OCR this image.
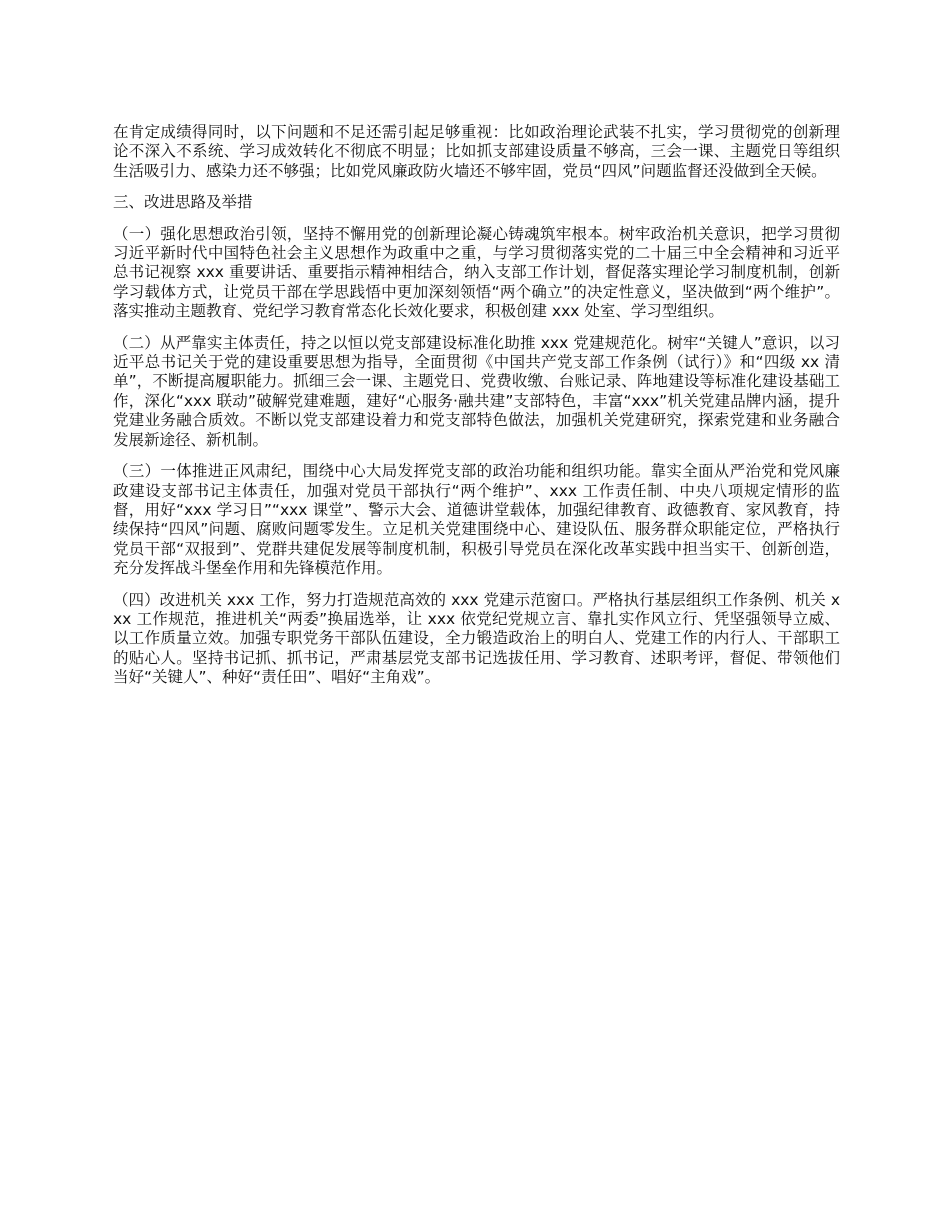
在肯定成绩得同时，以下问题和不足还需引起足够重视：比如政治理论武装不扎实，学习贯彻党的创新理论不深入不系统、学习成效转化不彻底不明显；比如抓支部建设质量不够高，三会一课、主题党日等组织生活吸引力、感染力还不够强；比如党风廉政防火墙还不够牢固，党员“四风”问题监督还没做到全天候。

三、改进思路及举措

（一）强化思想政治引领，坚持不懈用党的创新理论凝心铸魂筑牢根本。树牢政治机关意识，把学习贯彻习近平新时代中国特色社会主义思想作为政重中之重，与学习贯彻落实党的二十届三中全会精神和习近平总书记视察 xxx 重要讲话、重要指示精神相结合，纳入支部工作计划，督促落实理论学习制度机制，创新学习载体方式，让党员干部在学思践悟中更加深刻领悟“两个确立”的决定性意义，坚决做到“两个维护”。落实推动主题教育、党纪学习教育常态化长效化要求，积极创建 xxx 处室、学习型组织。

（二）从严靠实主体责任，持之以恒以党支部建设标准化助推 xxx 党建规范化。树牢“关键人”意识，以习近平总书记关于党的建设重要思想为指导，全面贯彻《中国共产党支部工作条例（试行）》和“四级 xx 清单”，不断提高履职能力。抓细三会一课、主题党日、党费收缴、台账记录、阵地建设等标准化建设基础工作，深化“xxx 联动”破解党建难题，建好“心服务·融共建”支部特色，丰富“xxx”机关党建品牌内涵，提升党建业务融合质效。不断以党支部建设着力和党支部特色做法，加强机关党建研究，探索党建和业务融合发展新途径、新机制。

（三）一体推进正风肃纪，围绕中心大局发挥党支部的政治功能和组织功能。靠实全面从严治党和党风廉政建设支部书记主体责任，加强对党员干部执行“两个维护”、xxx 工作责任制、中央八项规定情形的监督，用好“xxx 学习日”“xxx 课堂”、警示大会、道德讲堂载体，加强纪律教育、政德教育、家风教育，持续保持“四风”问题、腐败问题零发生。立足机关党建围绕中心、建设队伍、服务群众职能定位，严格执行党员干部“双报到”、党群共建促发展等制度机制，积极引导党员在深化改革实践中担当实干、创新创造，充分发挥战斗堡垒作用和先锋模范作用。

（四）改进机关 xxx 工作，努力打造规范高效的 xxx 党建示范窗口。严格执行基层组织工作条例、机关 xxx 工作规范，推进机关“两委”换届选举，让 xxx 依党纪党规立言、靠扎实作风立行、凭坚强领导立威、以工作质量立效。加强专职党务干部队伍建设，全力锻造政治上的明白人、党建工作的内行人、干部职工的贴心人。坚持书记抓、抓书记，严肃基层党支部书记选拔任用、学习教育、述职考评，督促、带领他们当好“关键人”、种好“责任田”、唱好“主角戏”。
